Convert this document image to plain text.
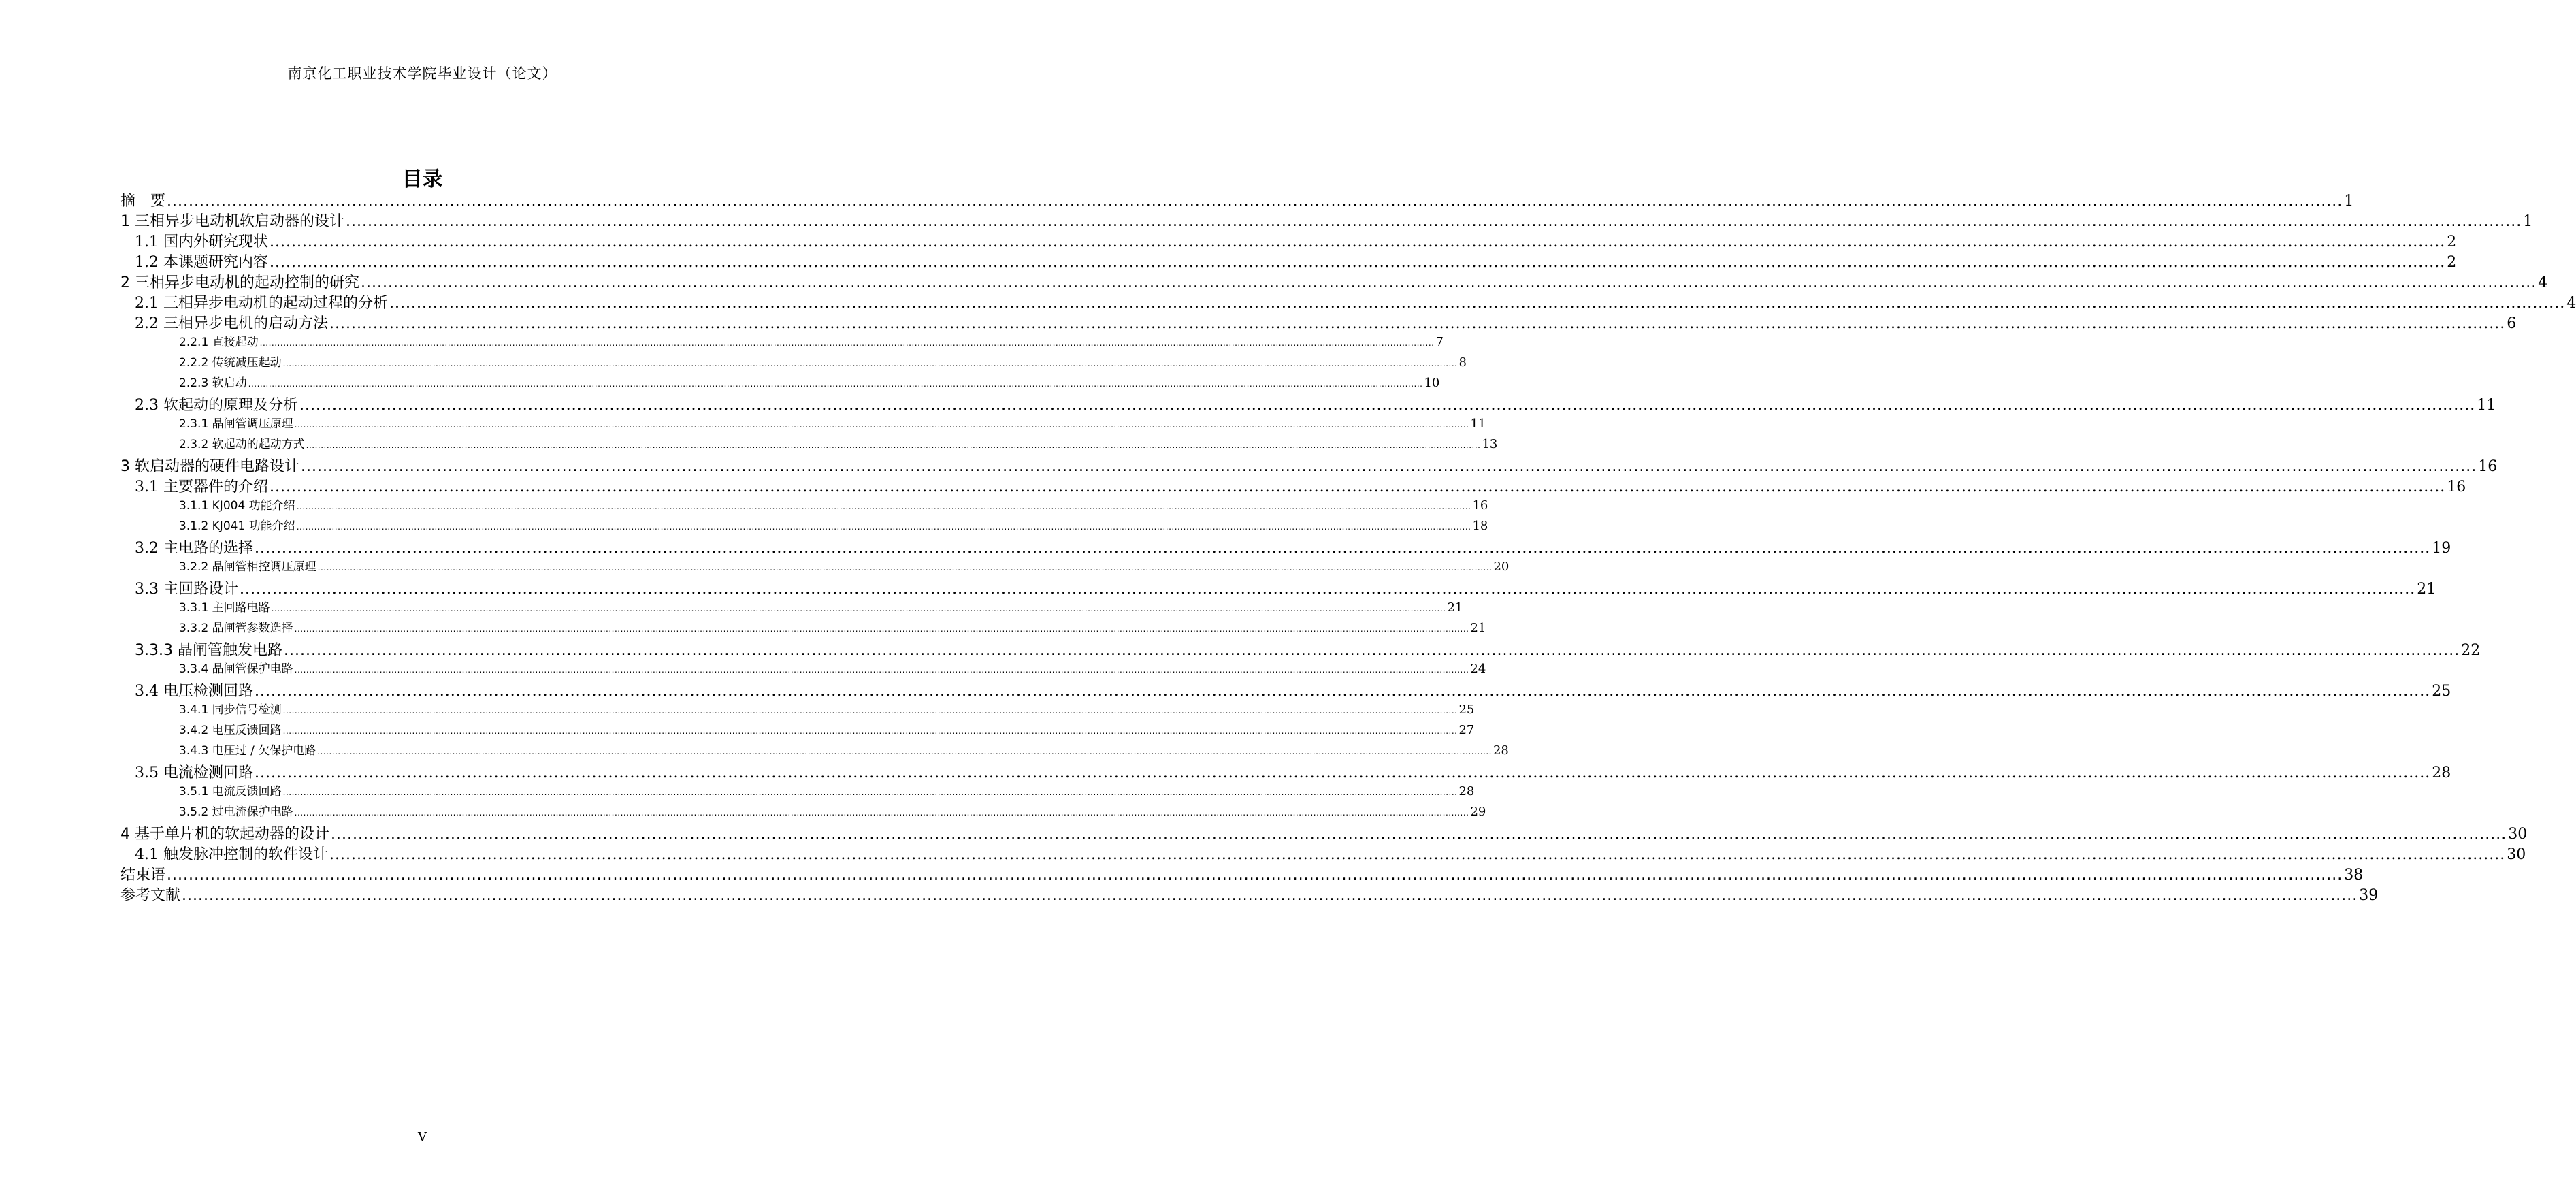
南京化工职业技术学院毕业设计（论文）
目录
摘　要 ................................................................................................................................................................................................................................................................................................................................................................................................................ 1
1 三相异步电动机软启动器的设计 ................................................................................................................................................................................................................................................................................................................................................................................................................ 1
1.1 国内外研究现状 ................................................................................................................................................................................................................................................................................................................................................................................................................ 2
1.2 本课题研究内容 ................................................................................................................................................................................................................................................................................................................................................................................................................ 2
2 三相异步电动机的起动控制的研究 ................................................................................................................................................................................................................................................................................................................................................................................................................ 4
2.1 三相异步电动机的起动过程的分析 ................................................................................................................................................................................................................................................................................................................................................................................................................ 4
2.2 三相异步电机的启动方法 ................................................................................................................................................................................................................................................................................................................................................................................................................ 6
2.2.1 直接起动 ................................................................................................................................................................................................................................................................................................................................................................................................................ 7
2.2.2 传统减压起动 ................................................................................................................................................................................................................................................................................................................................................................................................................ 8
2.2.3 软启动 ................................................................................................................................................................................................................................................................................................................................................................................................................ 10
2.3 软起动的原理及分析 ................................................................................................................................................................................................................................................................................................................................................................................................................ 11
2.3.1 晶闸管调压原理 ................................................................................................................................................................................................................................................................................................................................................................................................................ 11
2.3.2 软起动的起动方式 ................................................................................................................................................................................................................................................................................................................................................................................................................ 13
3 软启动器的硬件电路设计 ................................................................................................................................................................................................................................................................................................................................................................................................................ 16
3.1 主要器件的介绍 ................................................................................................................................................................................................................................................................................................................................................................................................................ 16
3.1.1 KJ004 功能介绍 ................................................................................................................................................................................................................................................................................................................................................................................................................ 16
3.1.2 KJ041 功能介绍 ................................................................................................................................................................................................................................................................................................................................................................................................................ 18
3.2 主电路的选择 ................................................................................................................................................................................................................................................................................................................................................................................................................ 19
3.2.2 晶闸管相控调压原理 ................................................................................................................................................................................................................................................................................................................................................................................................................ 20
3.3 主回路设计 ................................................................................................................................................................................................................................................................................................................................................................................................................ 21
3.3.1 主回路电路 ................................................................................................................................................................................................................................................................................................................................................................................................................ 21
3.3.2 晶闸管参数选择 ................................................................................................................................................................................................................................................................................................................................................................................................................ 21
3.3.3 晶闸管触发电路 ................................................................................................................................................................................................................................................................................................................................................................................................................ 22
3.3.4 晶闸管保护电路 ................................................................................................................................................................................................................................................................................................................................................................................................................ 24
3.4 电压检测回路 ................................................................................................................................................................................................................................................................................................................................................................................................................ 25
3.4.1 同步信号检测 ................................................................................................................................................................................................................................................................................................................................................................................................................ 25
3.4.2 电压反馈回路 ................................................................................................................................................................................................................................................................................................................................................................................................................ 27
3.4.3 电压过 / 欠保护电路 ................................................................................................................................................................................................................................................................................................................................................................................................................ 28
3.5 电流检测回路 ................................................................................................................................................................................................................................................................................................................................................................................................................ 28
3.5.1 电流反馈回路 ................................................................................................................................................................................................................................................................................................................................................................................................................ 28
3.5.2 过电流保护电路 ................................................................................................................................................................................................................................................................................................................................................................................................................ 29
4 基于单片机的软起动器的设计 ................................................................................................................................................................................................................................................................................................................................................................................................................ 30
4.1 触发脉冲控制的软件设计 ................................................................................................................................................................................................................................................................................................................................................................................................................ 30
结束语 ................................................................................................................................................................................................................................................................................................................................................................................................................ 38
参考文献 ................................................................................................................................................................................................................................................................................................................................................................................................................ 39
V
